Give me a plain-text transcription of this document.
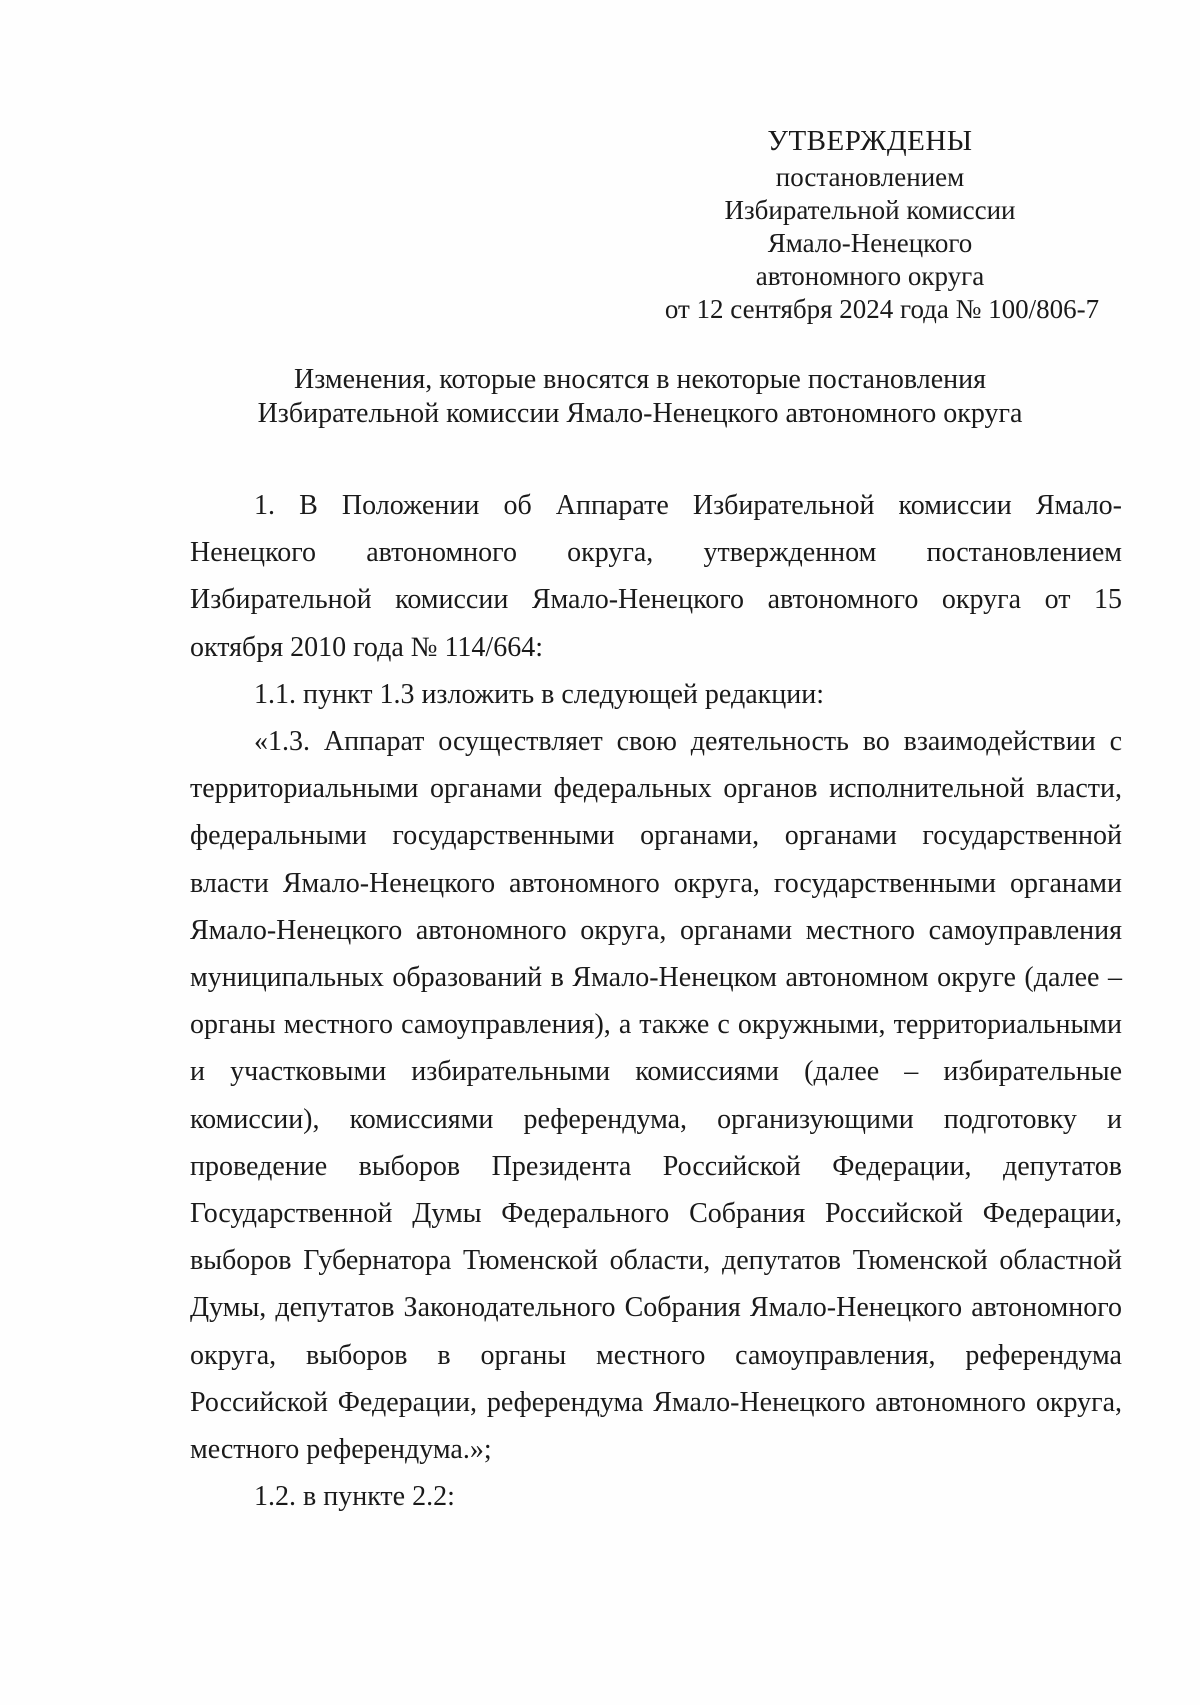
УТВЕРЖДЕНЫ
постановлением
Избирательной комиссии
Ямало-Ненецкого
автономного округа
от 12 сентября 2024 года № 100/806-7
Изменения, которые вносятся в некоторые постановления
Избирательной комиссии Ямало-Ненецкого автономного округа

1. В Положении об Аппарате Избирательной комиссии Ямало-Ненецкого автономного округа, утвержденном постановлением Избирательной комиссии Ямало-Ненецкого автономного округа от 15 октября 2010 года № 114/664:

1.1. пункт 1.3 изложить в следующей редакции:

«1.3. Аппарат осуществляет свою деятельность во взаимодействии с территориальными органами федеральных органов исполнительной власти, федеральными государственными органами, органами государственной власти Ямало-Ненецкого автономного округа, государственными органами Ямало-Ненецкого автономного округа, органами местного самоуправления муниципальных образований в Ямало-Ненецком автономном округе (далее – органы местного самоуправления), а также с окружными, территориальными и участковыми избирательными комиссиями (далее – избирательные комиссии), комиссиями референдума, организующими подготовку и проведение выборов Президента Российской Федерации, депутатов Государственной Думы Федерального Собрания Российской Федерации, выборов Губернатора Тюменской области, депутатов Тюменской областной Думы, депутатов Законодательного Собрания Ямало-Ненецкого автономного округа, выборов в органы местного самоуправления, референдума Российской Федерации, референдума Ямало-Ненецкого автономного округа, местного референдума.»;

1.2. в пункте 2.2:
